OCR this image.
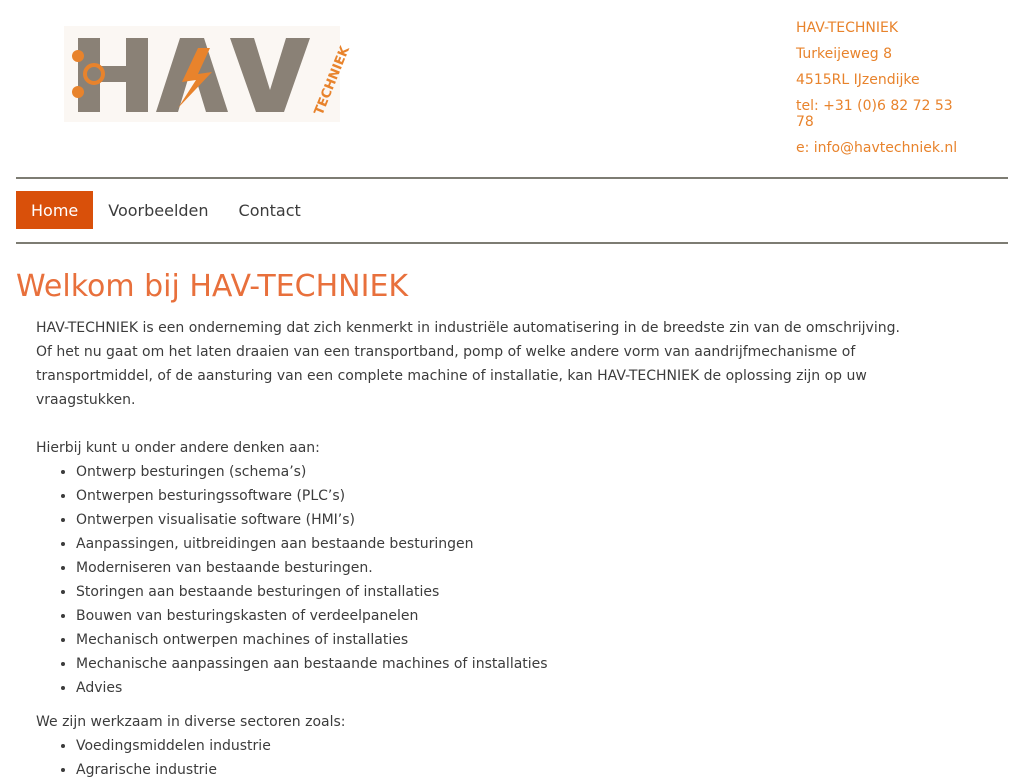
TECHNIEK
HAV-TECHNIEK
Turkeijeweg 8
4515RL IJzendijke
tel: +31 (0)6 82 72 53 78
e: info@havtechniek.nl
Home	Voorbeelden	Contact
Welkom bij HAV-TECHNIEK

HAV-TECHNIEK is een onderneming dat zich kenmerkt in industriële automatisering in de breedste zin van de omschrijving. Of het nu gaat om het laten draaien van een transportband, pomp of welke andere vorm van aandrijfmechanisme of transportmiddel, of de aansturing van een complete machine of installatie, kan HAV-TECHNIEK de oplossing zijn op uw vraagstukken.

Hierbij kunt u onder andere denken aan:

• Ontwerp besturingen (schema’s)
• Ontwerpen besturingssoftware (PLC’s)
• Ontwerpen visualisatie software (HMI’s)
• Aanpassingen, uitbreidingen aan bestaande besturingen
• Moderniseren van bestaande besturingen.
• Storingen aan bestaande besturingen of installaties
• Bouwen van besturingskasten of verdeelpanelen
• Mechanisch ontwerpen machines of installaties
• Mechanische aanpassingen aan bestaande machines of installaties
• Advies

We zijn werkzaam in diverse sectoren zoals:

• Voedingsmiddelen industrie
• Agrarische industrie
